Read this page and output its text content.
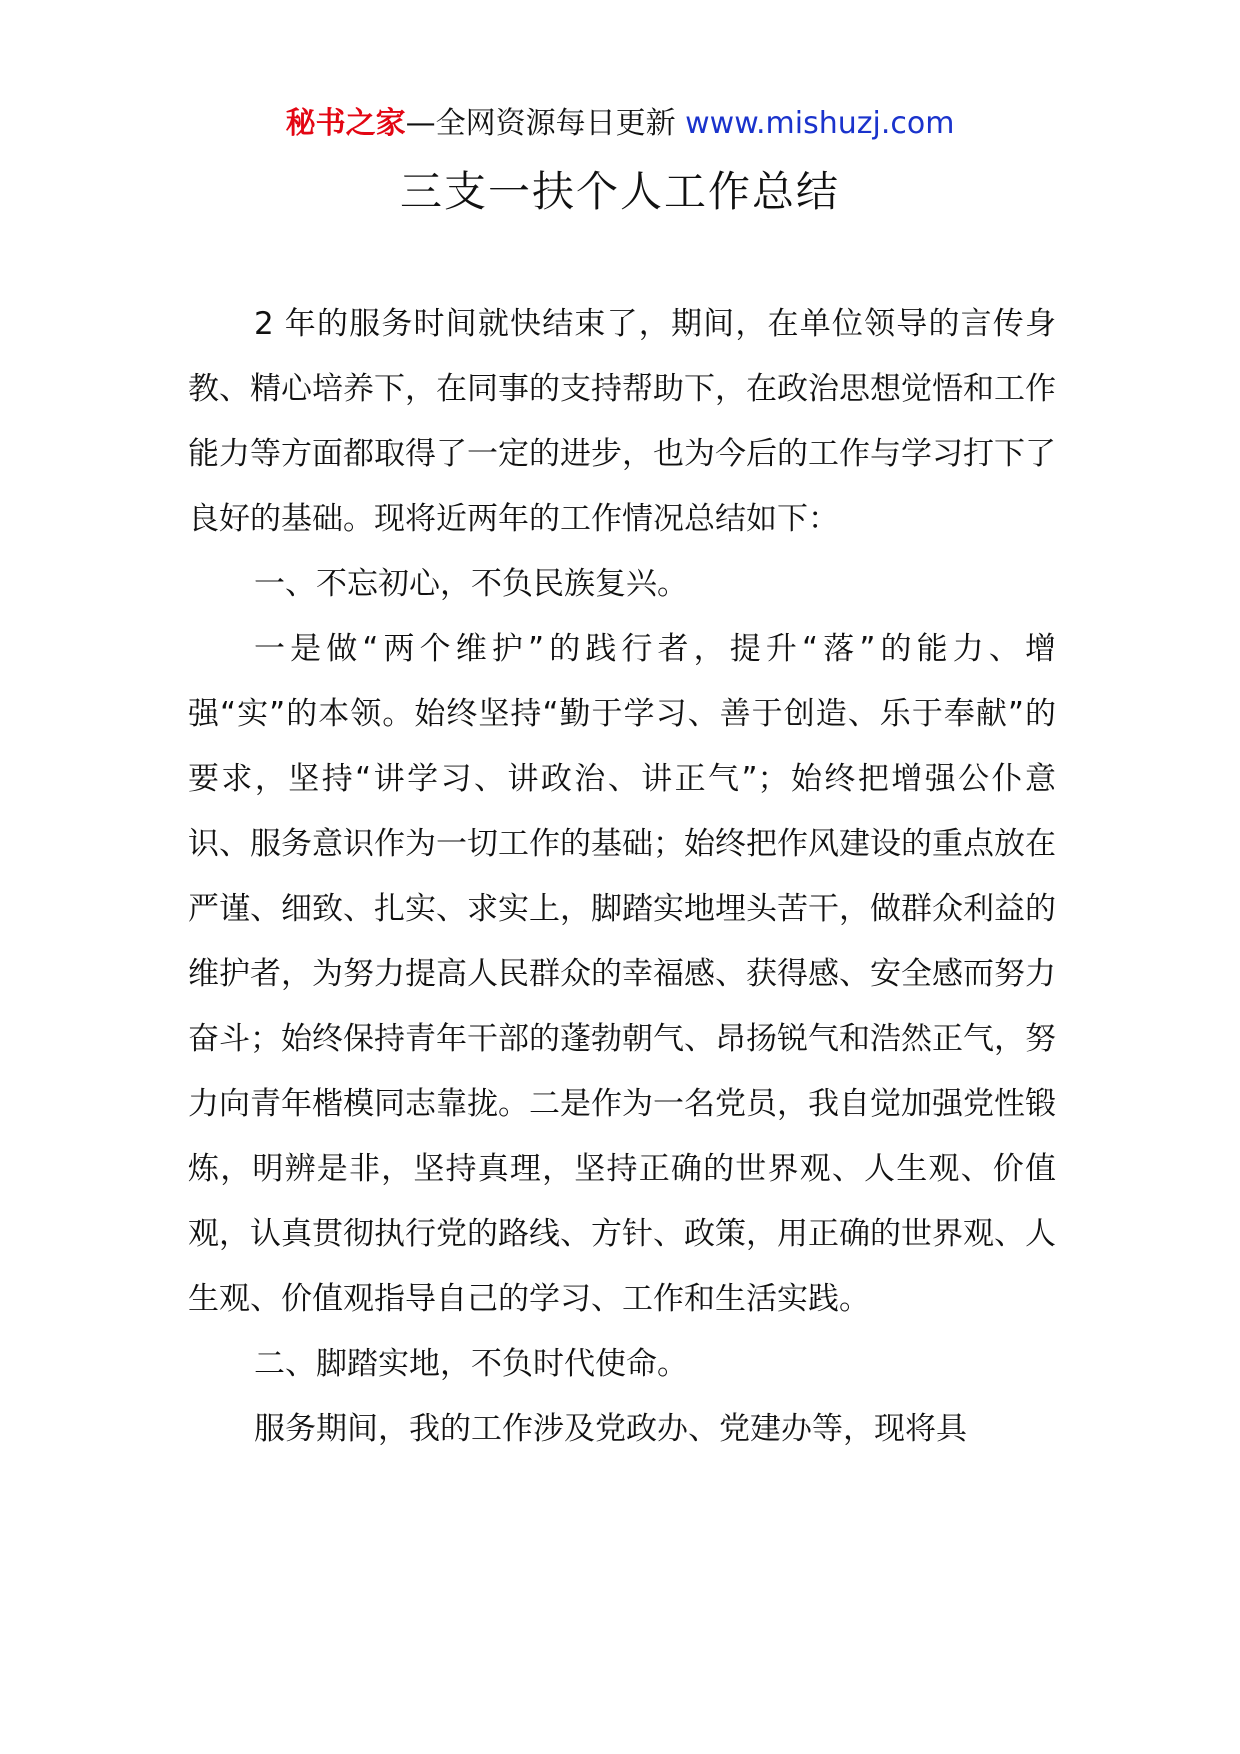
秘书之家—全网资源每日更新 www.mishuzj.com
三支一扶个人工作总结

2 年的服务时间就快结束了，期间，在单位领导的言传身教、精心培养下，在同事的支持帮助下，在政治思想觉悟和工作能力等方面都取得了一定的进步，也为今后的工作与学习打下了良好的基础。现将近两年的工作情况总结如下：

一、不忘初心，不负民族复兴。

一是做“两个维护”的践行者，提升“落”的能力、增强“实”的本领。始终坚持“勤于学习、善于创造、乐于奉献”的要求，坚持“讲学习、讲政治、讲正气”；始终把增强公仆意识、服务意识作为一切工作的基础；始终把作风建设的重点放在严谨、细致、扎实、求实上，脚踏实地埋头苦干，做群众利益的维护者，为努力提高人民群众的幸福感、获得感、安全感而努力奋斗；始终保持青年干部的蓬勃朝气、昂扬锐气和浩然正气，努力向青年楷模同志靠拢。二是作为一名党员，我自觉加强党性锻炼，明辨是非，坚持真理，坚持正确的世界观、人生观、价值观，认真贯彻执行党的路线、方针、政策，用正确的世界观、人生观、价值观指导自己的学习、工作和生活实践。

二、脚踏实地，不负时代使命。

服务期间，我的工作涉及党政办、党建办等，现将具
